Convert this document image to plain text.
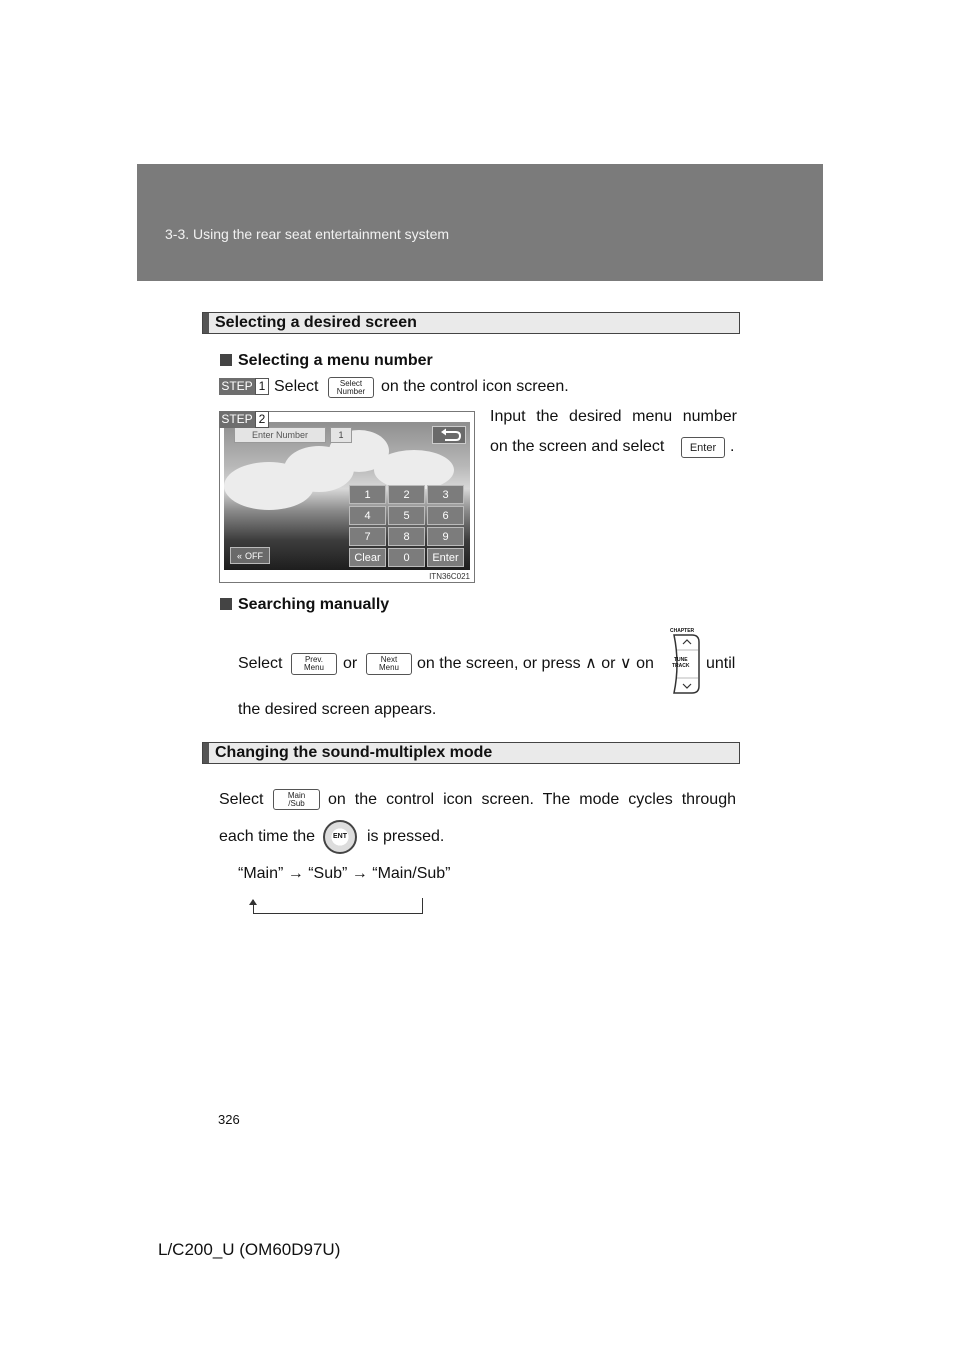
3-3. Using the rear seat entertainment system
Selecting a desired screen
Selecting a menu number
STEP 1 Select	Select
Number on the control icon screen.
STEP 2	Input the desired menu number
on the screen and select	Enter .
Enter Number	1
1	2	3
4	5	6
7	8	9
Clear	0	Enter
« OFF
ITN36C021
Searching manually
Select	Prev.
Menu	or	Next
Menu	on the screen, or press ∧ or ∨ on
CHAPTER
TUNE
TRACK until
the desired screen appears.
Changing the sound-multiplex mode
Select	Main
/Sub	on the control icon screen. The mode cycles through
each time the	ENT	is pressed.
“Main” → “Sub” → “Main/Sub”
326
L/C200_U (OM60D97U)
